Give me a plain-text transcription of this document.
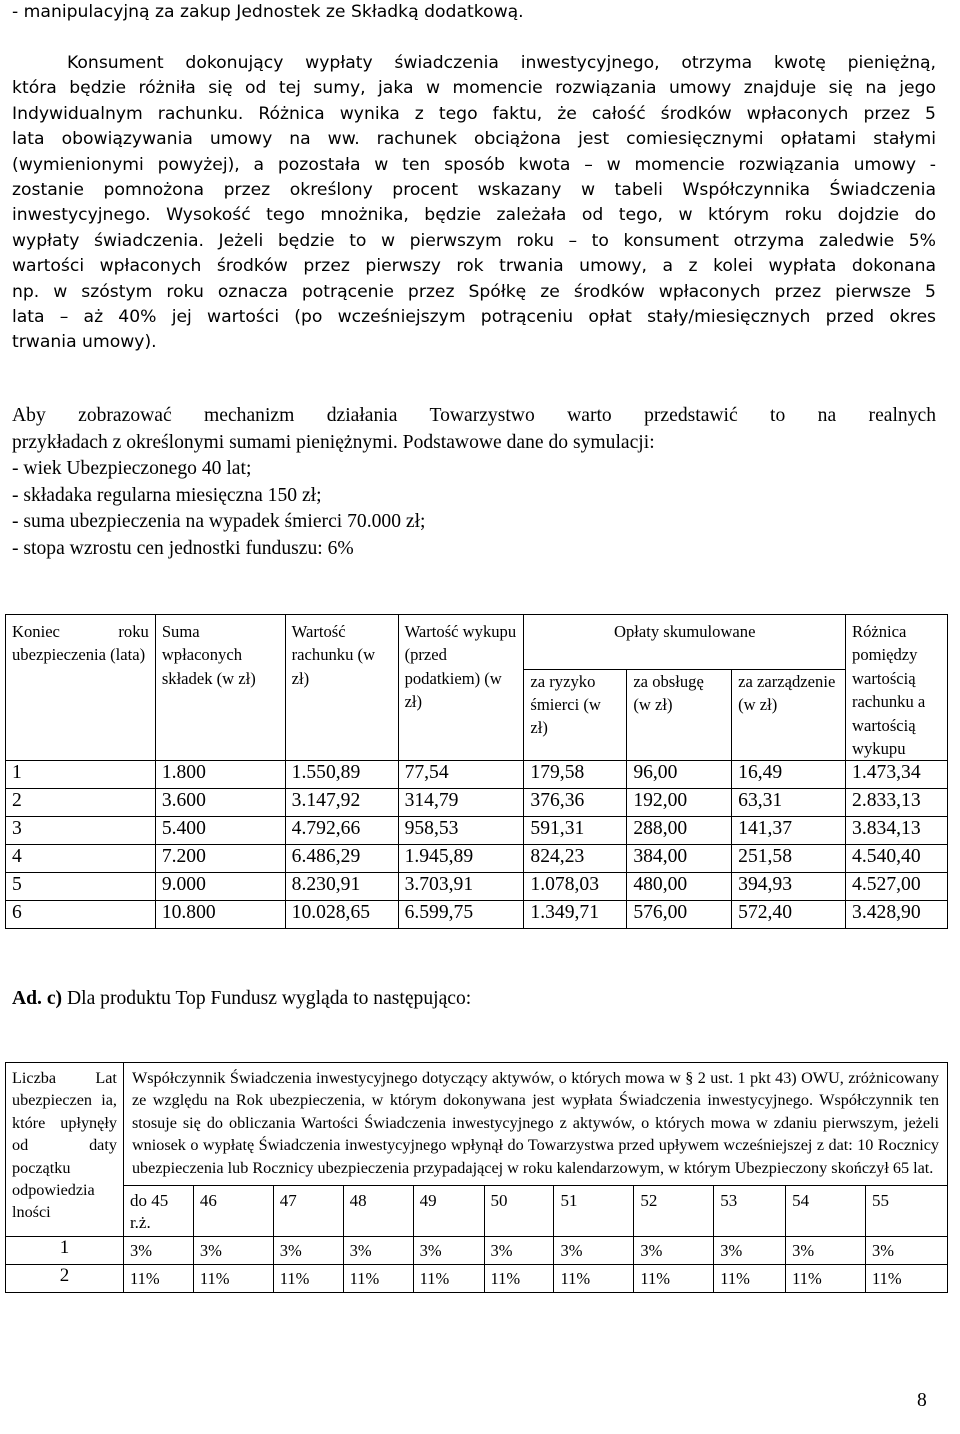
- manipulacyjną za zakup Jednostek ze Składką dodatkową.
Konsument dokonujący wypłaty świadczenia inwestycyjnego, otrzyma kwotę pieniężną,
która będzie różniła się od tej sumy, jaka w momencie rozwiązania umowy znajduje się na jego
Indywidualnym rachunku. Różnica wynika z tego faktu, że całość środków wpłaconych przez 5
lata obowiązywania umowy na ww. rachunek obciążona jest comiesięcznymi opłatami stałymi
(wymienionymi powyżej), a pozostała w ten sposób kwota – w momencie rozwiązania umowy -
zostanie pomnożona przez określony procent wskazany w tabeli Współczynnika Świadczenia
inwestycyjnego. Wysokość tego mnożnika, będzie zależała od tego, w którym roku dojdzie do
wypłaty świadczenia. Jeżeli będzie to w pierwszym roku – to konsument otrzyma zaledwie 5%
wartości wpłaconych środków przez pierwszy rok trwania umowy, a z kolei wypłata dokonana
np. w szóstym roku oznacza potrącenie przez Spółkę ze środków wpłaconych przez pierwsze 5
lata – aż 40% jej wartości (po wcześniejszym potrąceniu opłat stały/miesięcznych przed okres
trwania umowy).
Aby zobrazować mechanizm działania Towarzystwo warto przedstawić to na realnych
przykładach z określonymi sumami pieniężnymi. Podstawowe dane do symulacji:
- wiek Ubezpieczonego 40 lat;
- składaka regularna miesięczna 150 zł;
- suma ubezpieczenia na wypadek śmierci 70.000 zł;
- stopa wzrostu cen jednostki funduszu: 6%
Koniec roku ubezpieczenia (lata)	Suma wpłaconych składek (w zł)	Wartość rachunku (w zł)	Wartość wykupu (przed podatkiem) (w zł)	Opłaty skumulowane			Różnica pomiędzy wartością rachunku a wartością wykupu
				za ryzyko śmierci (w zł)	za obsługę (w zł)	za zarządzenie (w zł)	
1	1.800	1.550,89	77,54	179,58	96,00	16,49	1.473,34
2	3.600	3.147,92	314,79	376,36	192,00	63,31	2.833,13
3	5.400	4.792,66	958,53	591,31	288,00	141,37	3.834,13
4	7.200	6.486,29	1.945,89	824,23	384,00	251,58	4.540,40
5	9.000	8.230,91	3.703,91	1.078,03	480,00	394,93	4.527,00
6	10.800	10.028,65	6.599,75	1.349,71	576,00	572,40	3.428,90
Ad. c) Dla produktu Top Fundusz wygląda to następująco:
Liczba Lat ubezpieczen ia, które upłynęły od daty początku odpowiedzia lności	Współczynnik Świadczenia inwestycyjnego dotyczący aktywów, o których mowa w § 2 ust. 1 pkt 43) OWU, zróżnicowany ze względu na Rok ubezpieczenia, w którym dokonywana jest wypłata Świadczenia inwestycyjnego. Współczynnik ten stosuje się do obliczania Wartości Świadczenia inwestycyjnego z aktywów, o których mowa w zdaniu pierwszym, jeżeli wniosek o wypłatę Świadczenia inwestycyjnego wpłynął do Towarzystwa przed upływem wcześniejszej z dat: 10 Rocznicy ubezpieczenia lub Rocznicy ubezpieczenia przypadającej w roku kalendarzowym, w którym Ubezpieczony skończył 65 lat.										
	do 45 r.ż.	46	47	48	49	50	51	52	53	54	55
1	3%	3%	3%	3%	3%	3%	3%	3%	3%	3%	3%
2	11%	11%	11%	11%	11%	11%	11%	11%	11%	11%	11%
8
